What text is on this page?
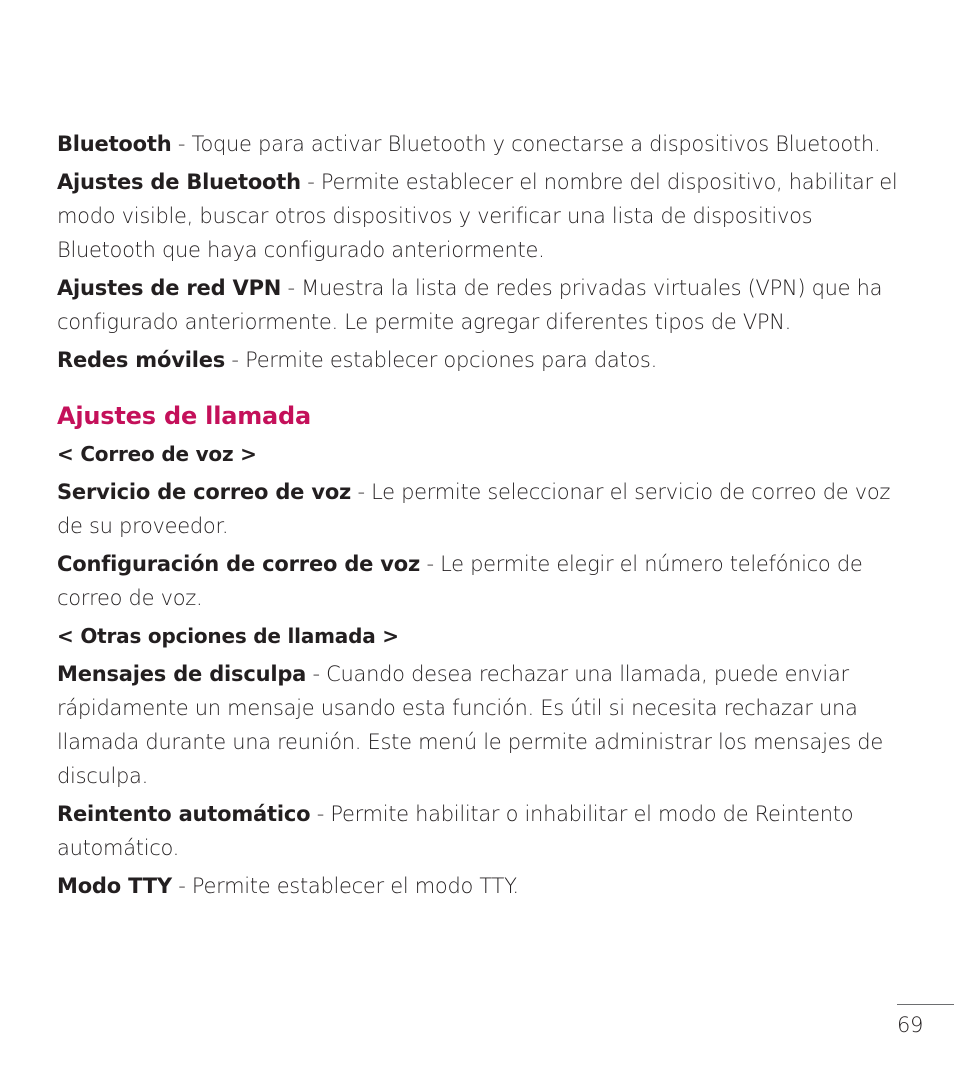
Bluetooth - Toque para activar Bluetooth y conectarse a dispositivos Bluetooth.

Ajustes de Bluetooth - Permite establecer el nombre del dispositivo, habilitar el modo visible, buscar otros dispositivos y verificar una lista de dispositivos Bluetooth que haya configurado anteriormente.

Ajustes de red VPN - Muestra la lista de redes privadas virtuales (VPN) que ha configurado anteriormente. Le permite agregar diferentes tipos de VPN.

Redes móviles - Permite establecer opciones para datos.

Ajustes de llamada

< Correo de voz >

Servicio de correo de voz - Le permite seleccionar el servicio de correo de voz de su proveedor.

Configuración de correo de voz - Le permite elegir el número telefónico de correo de voz.

< Otras opciones de llamada >

Mensajes de disculpa - Cuando desea rechazar una llamada, puede enviar rápidamente un mensaje usando esta función. Es útil si necesita rechazar una llamada durante una reunión. Este menú le permite administrar los mensajes de disculpa.

Reintento automático - Permite habilitar o inhabilitar el modo de Reintento automático.

Modo TTY - Permite establecer el modo TTY.

69
